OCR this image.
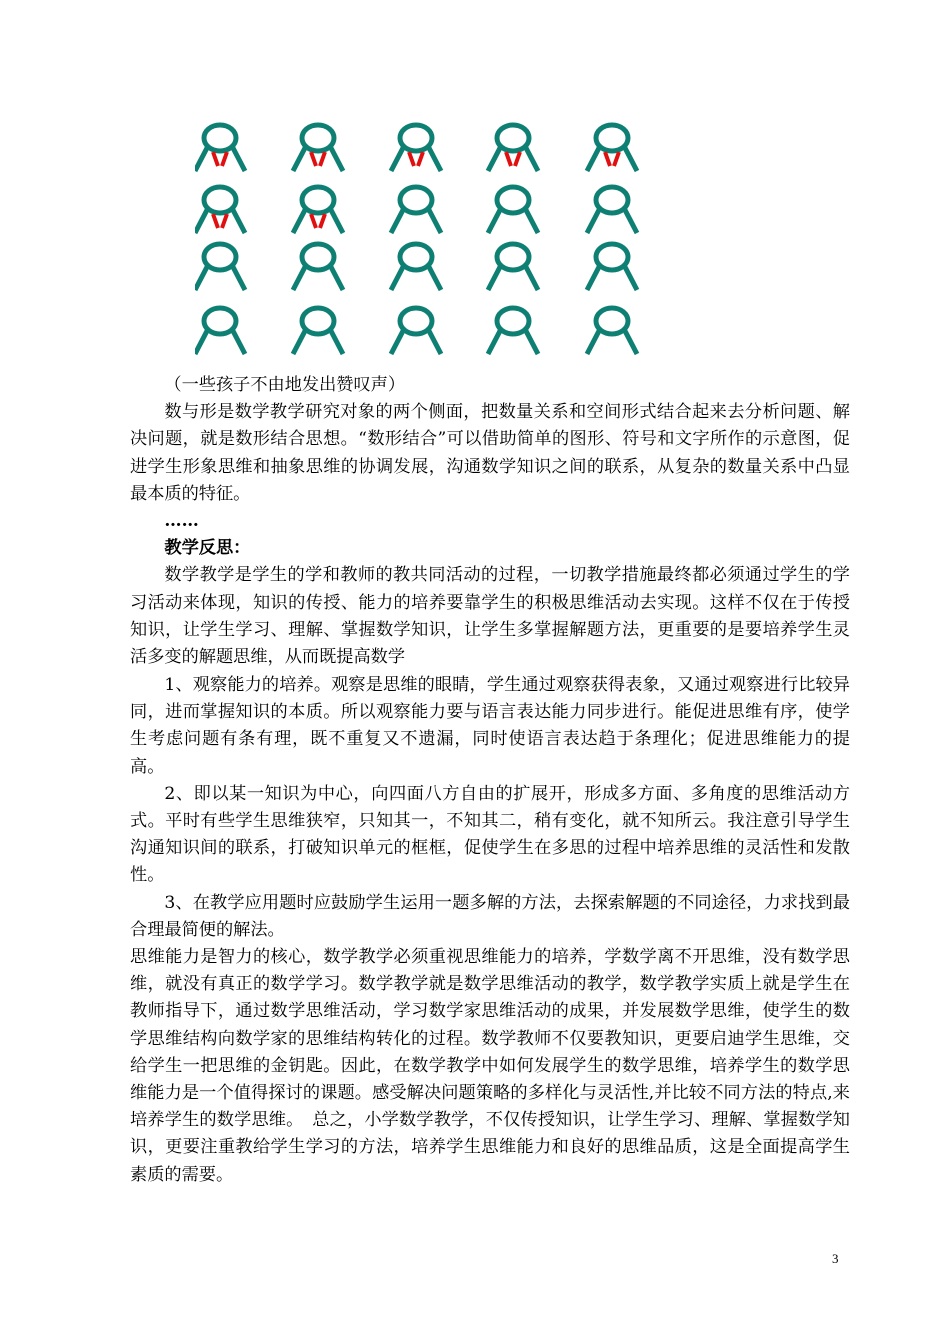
（一些孩子不由地发出赞叹声）

数与形是数学教学研究对象的两个侧面，把数量关系和空间形式结合起来去分析问题、解决问题，就是数形结合思想。“数形结合”可以借助简单的图形、符号和文字所作的示意图，促进学生形象思维和抽象思维的协调发展，沟通数学知识之间的联系，从复杂的数量关系中凸显最本质的特征。

……

教学反思：

数学教学是学生的学和教师的教共同活动的过程，一切教学措施最终都必须通过学生的学习活动来体现，知识的传授、能力的培养要靠学生的积极思维活动去实现。这样不仅在于传授知识，让学生学习、理解、掌握数学知识，让学生多掌握解题方法，更重要的是要培养学生灵活多变的解题思维，从而既提高数学

1、观察能力的培养。观察是思维的眼睛，学生通过观察获得表象，又通过观察进行比较异同，进而掌握知识的本质。所以观察能力要与语言表达能力同步进行。能促进思维有序，使学生考虑问题有条有理，既不重复又不遗漏，同时使语言表达趋于条理化；促进思维能力的提高。

2、即以某一知识为中心，向四面八方自由的扩展开，形成多方面、多角度的思维活动方式。平时有些学生思维狭窄，只知其一，不知其二，稍有变化，就不知所云。我注意引导学生沟通知识间的联系，打破知识单元的框框，促使学生在多思的过程中培养思维的灵活性和发散性。

3、在教学应用题时应鼓励学生运用一题多解的方法，去探索解题的不同途径，力求找到最合理最简便的解法。

思维能力是智力的核心，数学教学必须重视思维能力的培养，学数学离不开思维，没有数学思维，就没有真正的数学学习。数学教学就是数学思维活动的教学，数学教学实质上就是学生在教师指导下，通过数学思维活动，学习数学家思维活动的成果，并发展数学思维，使学生的数学思维结构向数学家的思维结构转化的过程。数学教师不仅要教知识，更要启迪学生思维，交给学生一把思维的金钥匙。因此，在数学教学中如何发展学生的数学思维，培养学生的数学思维能力是一个值得探讨的课题。感受解决问题策略的多样化与灵活性,并比较不同方法的特点,来培养学生的数学思维。　总之，小学数学教学，不仅传授知识，让学生学习、理解、掌握数学知识，更要注重教给学生学习的方法，培养学生思维能力和良好的思维品质，这是全面提高学生素质的需要。

3
